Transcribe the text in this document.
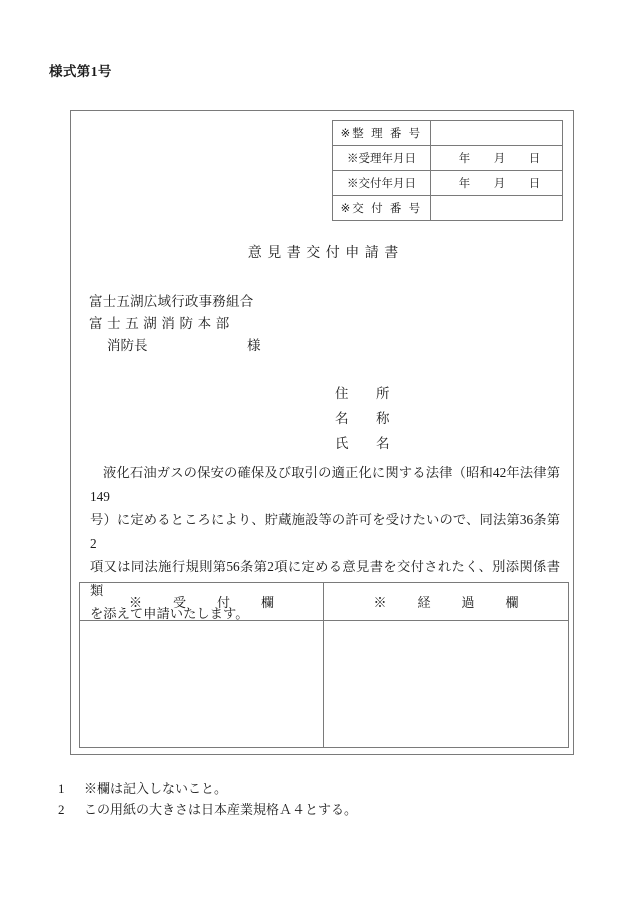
様式第1号
※ 整 理 番 号	
※受理年月日	年 月 日

※交付年月日	年 月 日

※ 交 付 番 号	
意見書交付申請書
富士五湖広域行政事務組合
富士五湖消防本部
消防長	様
住　所
名　称
氏　名

液化石油ガスの保安の確保及び取引の適正化に関する法律（昭和42年法律第149

号）に定めるところにより、貯蔵施設等の許可を受けたいので、同法第36条第2

項又は同法施行規則第56条第2項に定める意見書を交付されたく、別添関係書類

を添えて申請いたします。

※　受　付　欄	※　経　過　欄

1 ※欄は記入しないこと。
2 この用紙の大きさは日本産業規格Ａ４とする。
